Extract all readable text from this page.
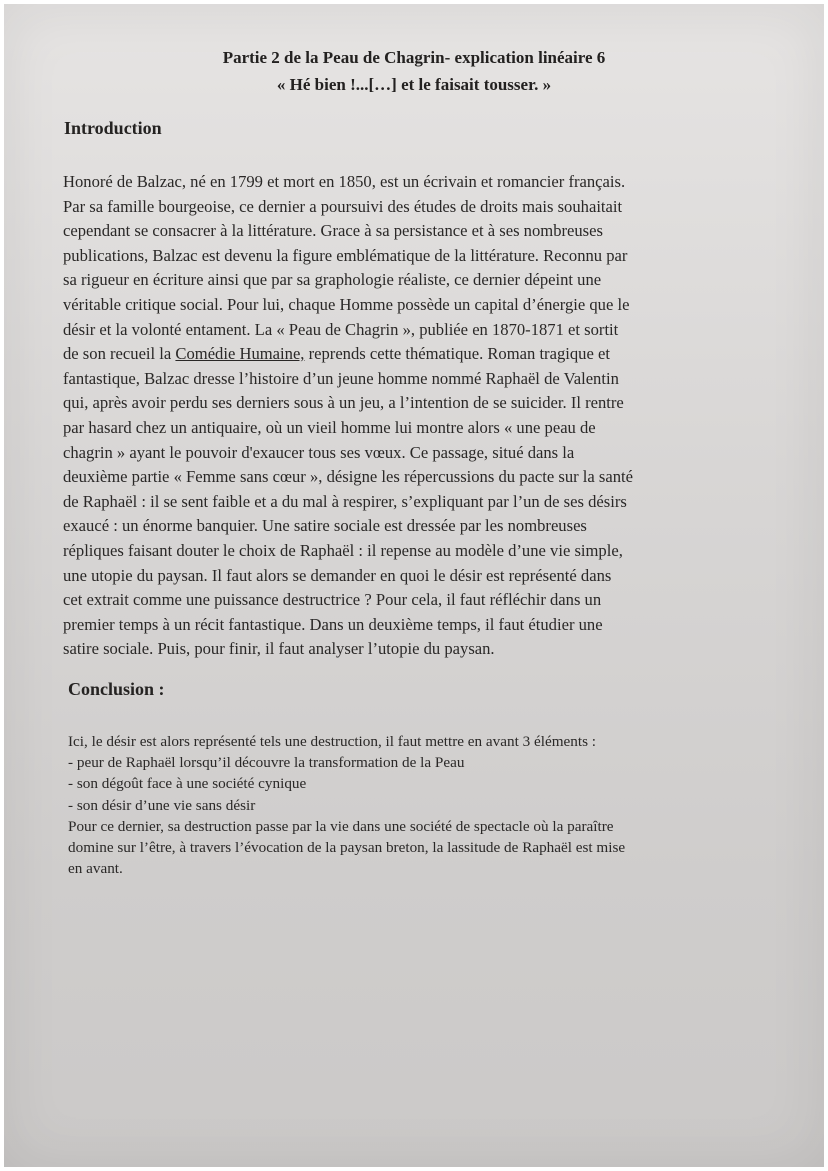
Partie 2 de la Peau de Chagrin- explication linéaire 6
« Hé bien !...[…] et le faisait tousser. »
Introduction
Honoré de Balzac, né en 1799 et mort en 1850, est un écrivain et romancier français.
Par sa famille bourgeoise, ce dernier a poursuivi des études de droits mais souhaitait
cependant se consacrer à la littérature. Grace à sa persistance et à ses nombreuses
publications, Balzac est devenu la figure emblématique de la littérature. Reconnu par
sa rigueur en écriture ainsi que par sa graphologie réaliste, ce dernier dépeint une
véritable critique social. Pour lui, chaque Homme possède un capital d’énergie que le
désir et la volonté entament. La « Peau de Chagrin », publiée en 1870-1871 et sortit
de son recueil la Comédie Humaine, reprends cette thématique. Roman tragique et
fantastique, Balzac dresse l’histoire d’un jeune homme nommé Raphaël de Valentin
qui, après avoir perdu ses derniers sous à un jeu, a l’intention de se suicider. Il rentre
par hasard chez un antiquaire, où un vieil homme lui montre alors « une peau de
chagrin » ayant le pouvoir d'exaucer tous ses vœux. Ce passage, situé dans la
deuxième partie « Femme sans cœur », désigne les répercussions du pacte sur la santé
de Raphaël : il se sent faible et a du mal à respirer, s’expliquant par l’un de ses désirs
exaucé : un énorme banquier. Une satire sociale est dressée par les nombreuses
répliques faisant douter le choix de Raphaël : il repense au modèle d’une vie simple,
une utopie du paysan. Il faut alors se demander en quoi le désir est représenté dans
cet extrait comme une puissance destructrice ? Pour cela, il faut réfléchir dans un
premier temps à un récit fantastique. Dans un deuxième temps, il faut étudier une
satire sociale. Puis, pour finir, il faut analyser l’utopie du paysan.
Conclusion :
Ici, le désir est alors représenté tels une destruction, il faut mettre en avant 3 éléments :
- peur de Raphaël lorsqu’il découvre la transformation de la Peau
- son dégoût face à une société cynique
- son désir d’une vie sans désir
Pour ce dernier, sa destruction passe par la vie dans une société de spectacle où la paraître
domine sur l’être, à travers l’évocation de la paysan breton, la lassitude de Raphaël est mise
en avant.
